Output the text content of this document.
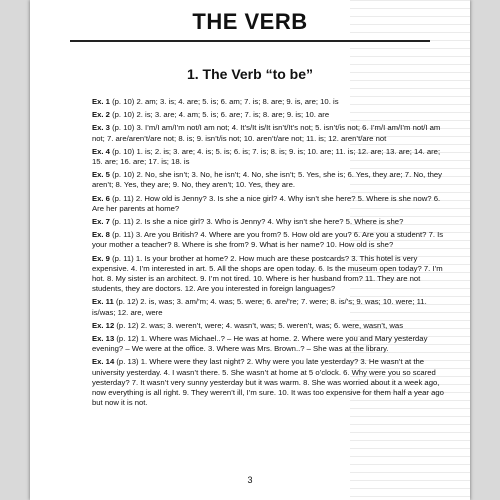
THE VERB
1. The Verb “to be”

Ex. 1 (p. 10) 2. am; 3. is; 4. are; 5. is; 6. am; 7. is; 8. are; 9. is, are; 10. is

Ex. 2 (p. 10) 2. is; 3. are; 4. am; 5. is; 6. are; 7. is; 8. are; 9. is; 10. are

Ex. 3 (p. 10) 3. I’m/I am/I’m not/I am not; 4. It’s/It is/It isn’t/It’s not; 5. isn’t/is not; 6. I’m/I am/I’m not/I am not; 7. are/aren’t/are not; 8. is; 9. isn’t/is not; 10. aren’t/are not; 11. is; 12. aren’t/are not

Ex. 4 (p. 10) 1. is; 2. is; 3. are; 4. is; 5. is; 6. is; 7. is; 8. is; 9. is; 10. are; 11. is; 12. are; 13. are; 14. are; 15. are; 16. are; 17. is; 18. is

Ex. 5 (p. 10) 2. No, she isn’t; 3. No, he isn’t; 4. No, she isn’t; 5. Yes, she is; 6. Yes, they are; 7. No, they aren’t; 8. Yes, they are; 9. No, they aren’t; 10. Yes, they are.

Ex. 6 (p. 11) 2. How old is Jenny? 3. Is she a nice girl? 4. Why isn’t she here? 5. Where is she now? 6. Are her parents at home?

Ex. 7 (p. 11) 2. Is she a nice girl? 3. Who is Jenny? 4. Why isn’t she here? 5. Where is she?

Ex. 8 (p. 11) 3. Are you British? 4. Where are you from? 5. How old are you? 6. Are you a student? 7. Is your mother a teacher? 8. Where is she from? 9. What is her name? 10. How old is she?

Ex. 9 (p. 11) 1. Is your brother at home? 2. How much are these postcards? 3. This hotel is very expensive. 4. I’m interested in art. 5. All the shops are open today. 6. Is the museum open today? 7. I’m hot. 8. My sister is an architect. 9. I’m not tired. 10. Where is her husband from? 11. They are not students, they are doctors. 12. Are you interested in foreign languages?

Ex. 11 (p. 12) 2. is, was; 3. am/’m; 4. was; 5. were; 6. are/’re; 7. were; 8. is/’s; 9. was; 10. were; 11. is/was; 12. are, were

Ex. 12 (p. 12) 2. was; 3. weren’t, were; 4. wasn’t, was; 5. weren’t, was; 6. were, wasn’t, was

Ex. 13 (p. 12) 1. Where was Michael..? – He was at home. 2. Where were you and Mary yesterday evening? – We were at the office. 3. Where was Mrs. Brown..? – She was at the library.

Ex. 14 (p. 13) 1. Where were they last night? 2. Why were you late yesterday? 3. He wasn’t at the university yesterday. 4. I wasn’t there. 5. She wasn’t at home at 5 o’clock. 6. Why were you so scared yesterday? 7. It wasn’t very sunny yesterday but it was warm. 8. She was worried about it a week ago, now everything is all right. 9. They weren’t ill, I’m sure. 10. It was too expensive for them half a year ago but now it is not.

3
